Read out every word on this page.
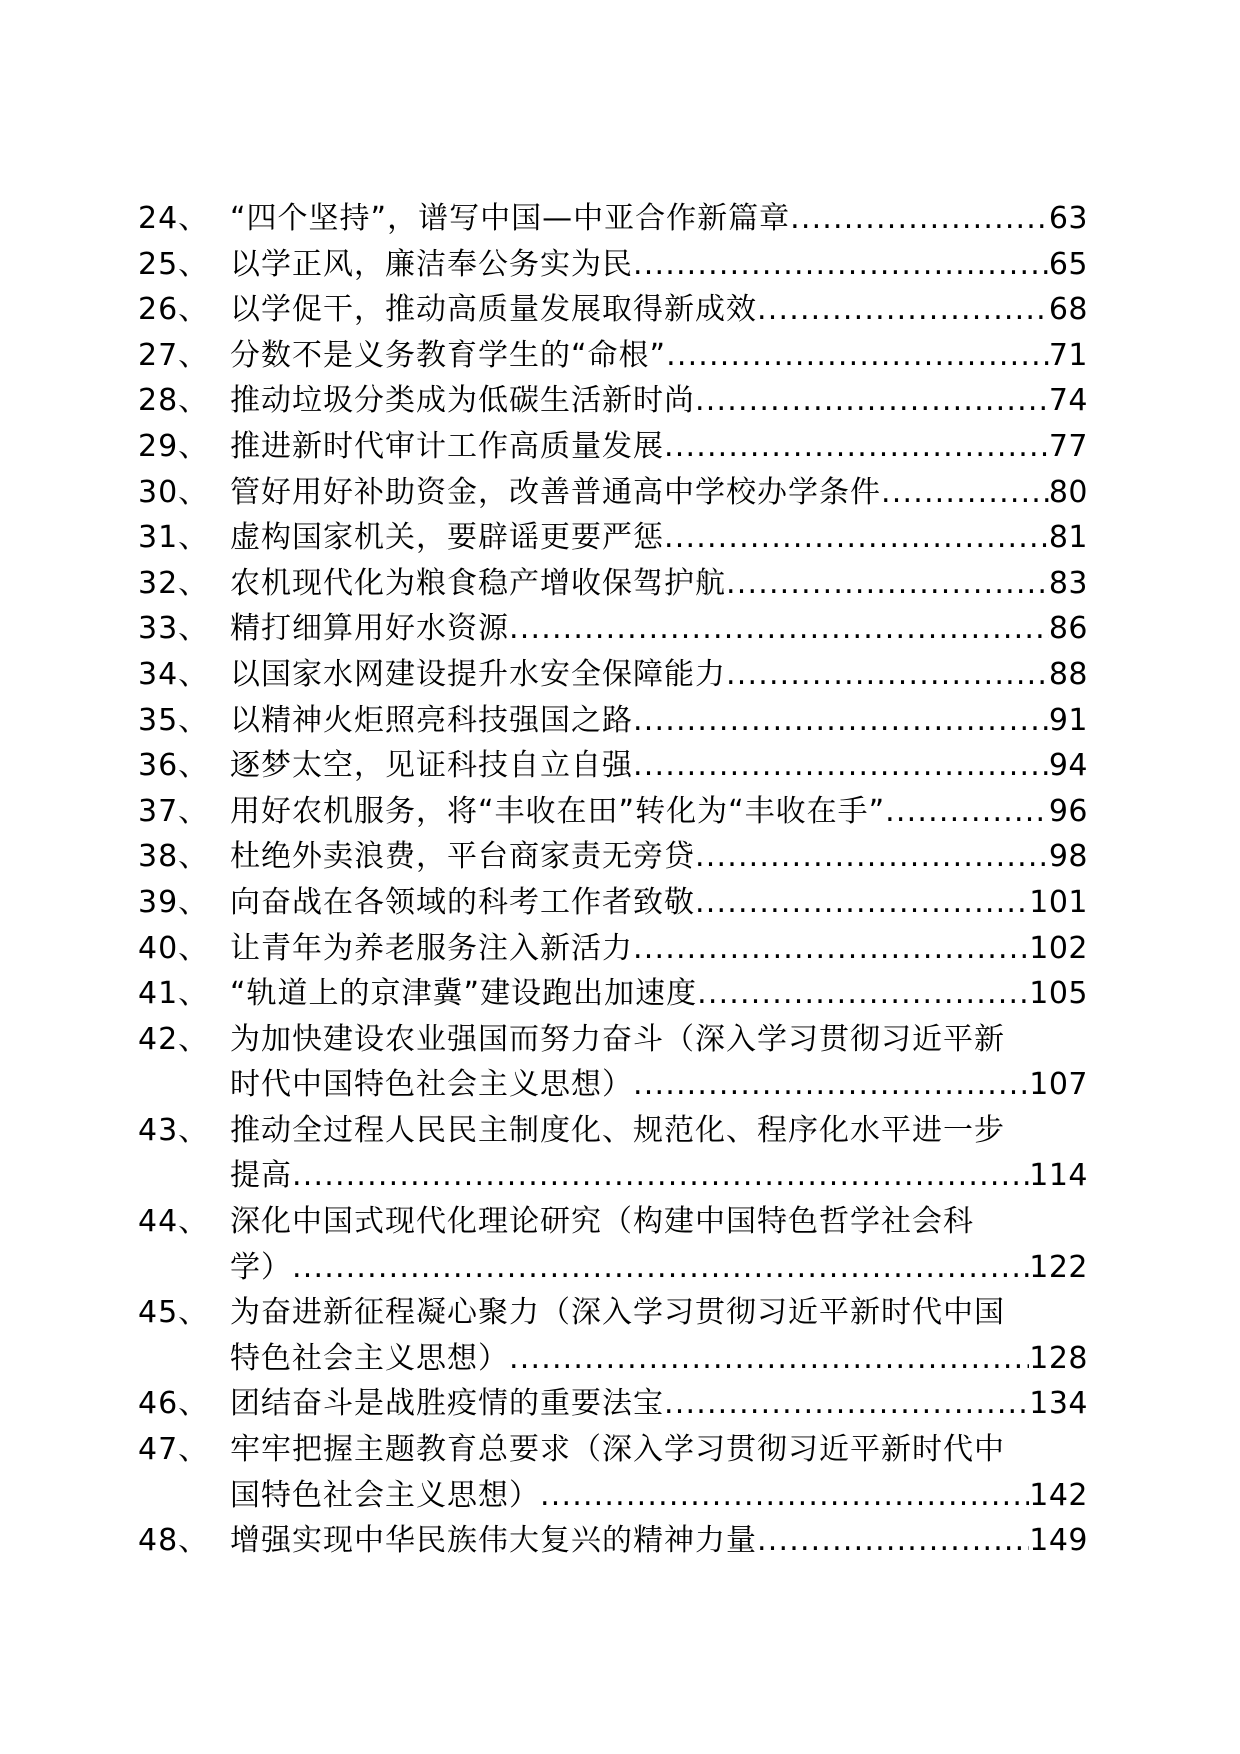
24、 “四个坚持”，谱写中国—中亚合作新篇章 .....	63
25、 以学正风，廉洁奉公务实为民 .....	65
26、 以学促干，推动高质量发展取得新成效 .....	68
27、 分数不是义务教育学生的“命根” .....	71
28、 推动垃圾分类成为低碳生活新时尚 .....	74
29、 推进新时代审计工作高质量发展 .....	77
30、 管好用好补助资金，改善普通高中学校办学条件 .....	80
31、 虚构国家机关，要辟谣更要严惩 .....	81
32、 农机现代化为粮食稳产增收保驾护航 .....	83
33、 精打细算用好水资源 .....	86
34、 以国家水网建设提升水安全保障能力 .....	88
35、 以精神火炬照亮科技强国之路 .....	91
36、 逐梦太空，见证科技自立自强 .....	94
37、 用好农机服务，将“丰收在田”转化为“丰收在手” .....	96
38、 杜绝外卖浪费，平台商家责无旁贷 .....	98
39、 向奋战在各领域的科考工作者致敬 .....	101
40、 让青年为养老服务注入新活力 .....	102
41、 “轨道上的京津冀”建设跑出加速度 .....	105
42、 为加快建设农业强国而努力奋斗（深入学习贯彻习近平新
时代中国特色社会主义思想） .....	107
43、 推动全过程人民民主制度化、规范化、程序化水平进一步
提高 .....	114
44、 深化中国式现代化理论研究（构建中国特色哲学社会科
学） .....	122
45、 为奋进新征程凝心聚力（深入学习贯彻习近平新时代中国
特色社会主义思想） .....	128
46、 团结奋斗是战胜疫情的重要法宝 .....	134
47、 牢牢把握主题教育总要求（深入学习贯彻习近平新时代中
国特色社会主义思想） .....	142
48、 增强实现中华民族伟大复兴的精神力量 .....	149
